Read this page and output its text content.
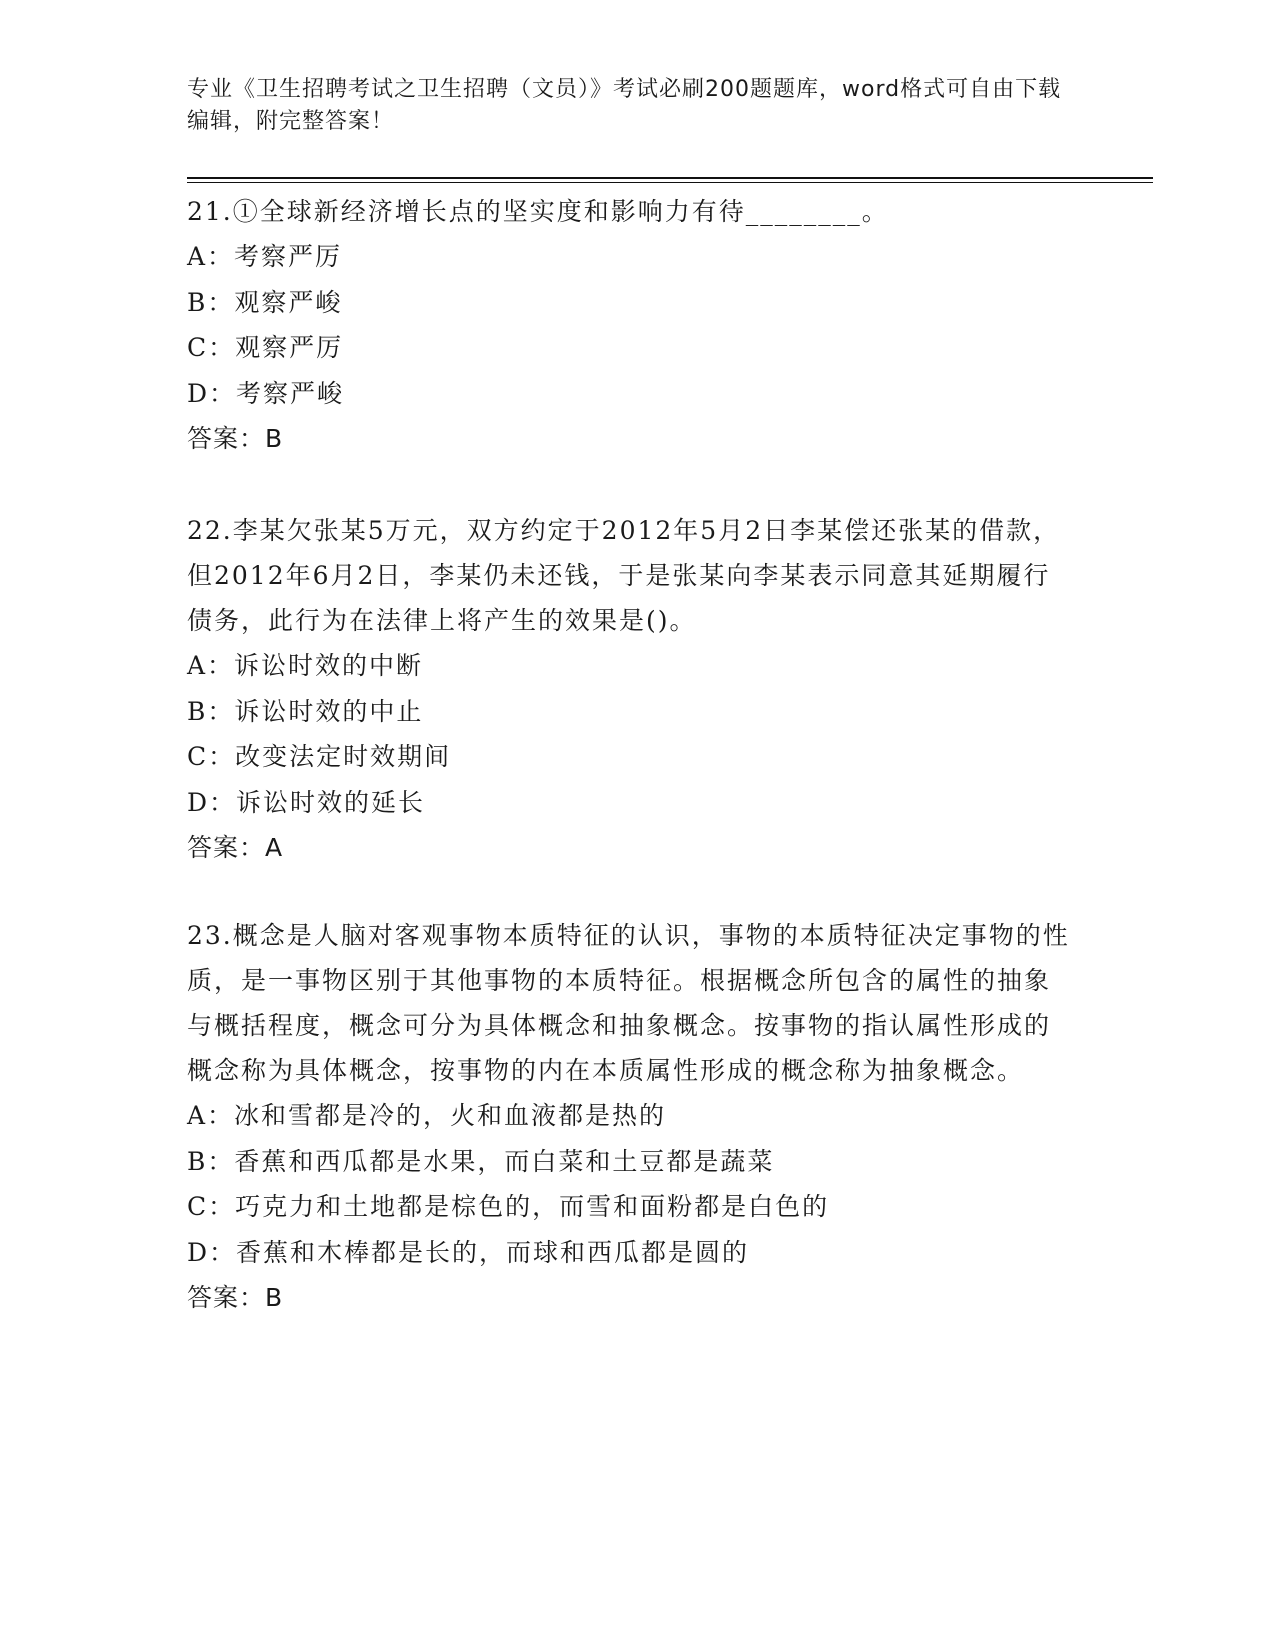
专业《卫生招聘考试之卫生招聘（文员）》考试必刷200题题库，word格式可自由下载编辑，附完整答案！

21.①全球新经济增长点的坚实度和影响力有待________。

A：考察严厉

B：观察严峻

C：观察严厉

D：考察严峻

答案：B

22.李某欠张某5万元，双方约定于2012年5月2日李某偿还张某的借款，但2012年6月2日，李某仍未还钱，于是张某向李某表示同意其延期履行债务，此行为在法律上将产生的效果是()。

A：诉讼时效的中断

B：诉讼时效的中止

C：改变法定时效期间

D：诉讼时效的延长

答案：A

23.概念是人脑对客观事物本质特征的认识，事物的本质特征决定事物的性质，是一事物区别于其他事物的本质特征。根据概念所包含的属性的抽象与概括程度，概念可分为具体概念和抽象概念。按事物的指认属性形成的概念称为具体概念，按事物的内在本质属性形成的概念称为抽象概念。

A：冰和雪都是冷的，火和血液都是热的

B：香蕉和西瓜都是水果，而白菜和土豆都是蔬菜

C：巧克力和土地都是棕色的，而雪和面粉都是白色的

D：香蕉和木棒都是长的，而球和西瓜都是圆的

答案：B
